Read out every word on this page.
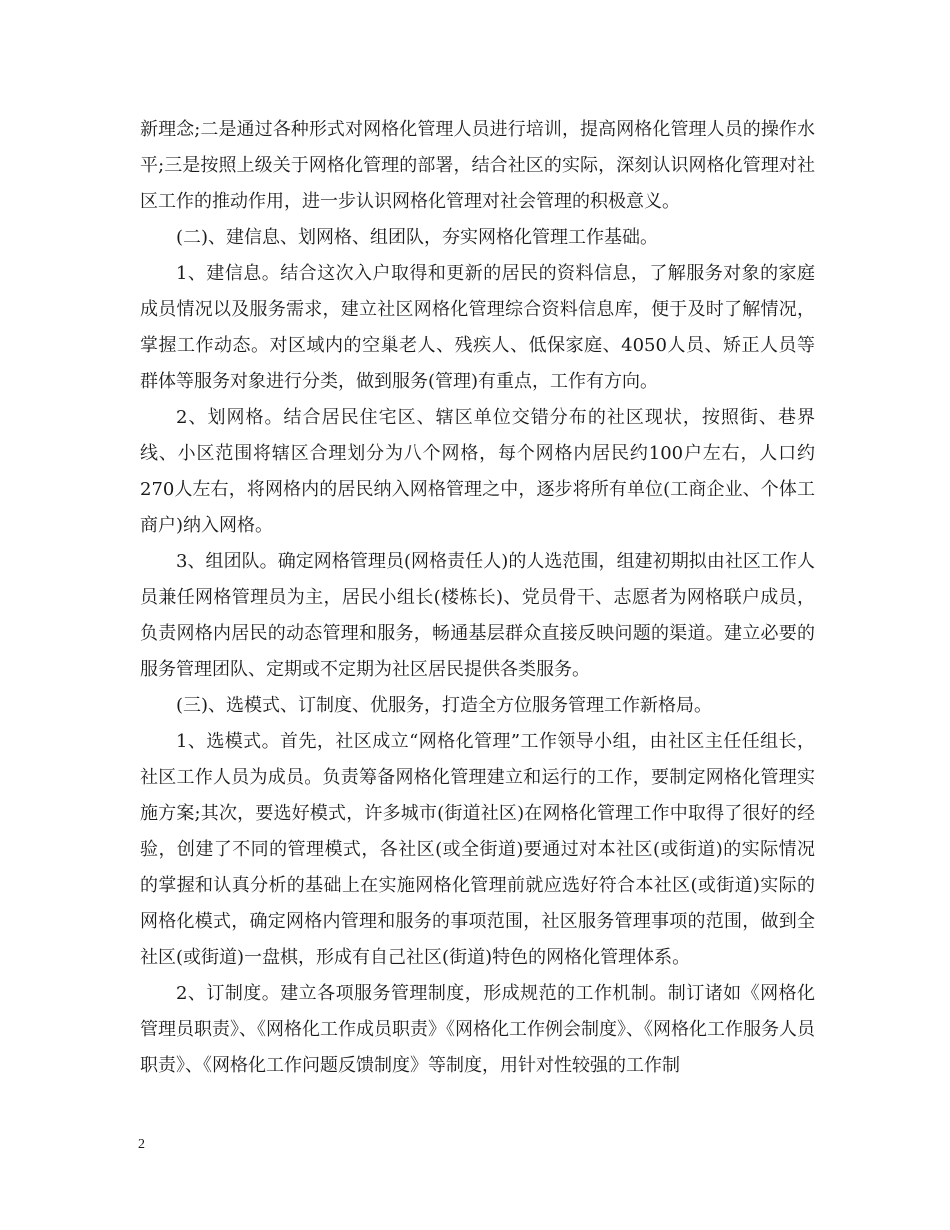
新理念;二是通过各种形式对网格化管理人员进行培训，提高网格化管理人员的操作水平;三是按照上级关于网格化管理的部署，结合社区的实际，深刻认识网格化管理对社区工作的推动作用，进一步认识网格化管理对社会管理的积极意义。

(二)、建信息、划网格、组团队，夯实网格化管理工作基础。

1、建信息。结合这次入户取得和更新的居民的资料信息，了解服务对象的家庭成员情况以及服务需求，建立社区网格化管理综合资料信息库，便于及时了解情况，掌握工作动态。对区域内的空巢老人、残疾人、低保家庭、4050人员、矫正人员等群体等服务对象进行分类，做到服务(管理)有重点，工作有方向。

2、划网格。结合居民住宅区、辖区单位交错分布的社区现状，按照街、巷界线、小区范围将辖区合理划分为八个网格，每个网格内居民约100户左右，人口约270人左右，将网格内的居民纳入网格管理之中，逐步将所有单位(工商企业、个体工商户)纳入网格。

3、组团队。确定网格管理员(网格责任人)的人选范围，组建初期拟由社区工作人员兼任网格管理员为主，居民小组长(楼栋长)、党员骨干、志愿者为网格联户成员，负责网格内居民的动态管理和服务，畅通基层群众直接反映问题的渠道。建立必要的服务管理团队、定期或不定期为社区居民提供各类服务。

(三)、选模式、订制度、优服务，打造全方位服务管理工作新格局。

1、选模式。首先，社区成立“网格化管理”工作领导小组，由社区主任任组长，社区工作人员为成员。负责筹备网格化管理建立和运行的工作，要制定网格化管理实施方案;其次，要选好模式，许多城市(街道社区)在网格化管理工作中取得了很好的经验，创建了不同的管理模式，各社区(或全街道)要通过对本社区(或街道)的实际情况的掌握和认真分析的基础上在实施网格化管理前就应选好符合本社区(或街道)实际的网格化模式，确定网格内管理和服务的事项范围，社区服务管理事项的范围，做到全社区(或街道)一盘棋，形成有自己社区(街道)特色的网格化管理体系。

2、订制度。建立各项服务管理制度，形成规范的工作机制。制订诸如《网格化管理员职责》、《网格化工作成员职责》《网格化工作例会制度》、《网格化工作服务人员职责》、《网格化工作问题反馈制度》等制度，用针对性较强的工作制

2
